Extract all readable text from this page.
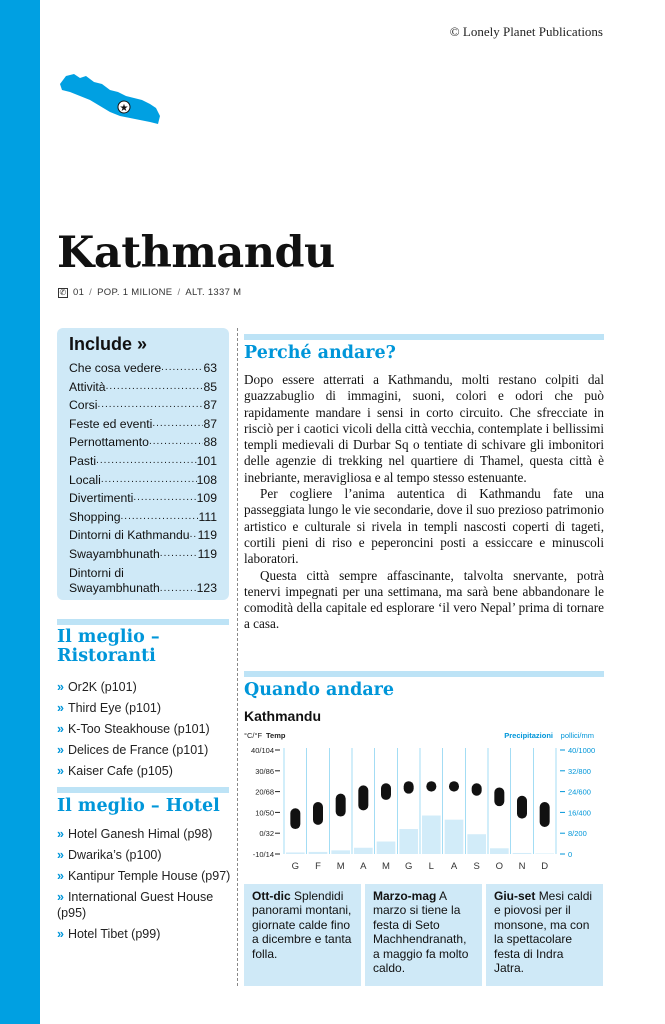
© Lonely Planet Publications
★
Kathmandu
✆ 01 / POP. 1 MILIONE / ALT. 1337 M
Include »
Che cosa vedere .....	63
Attività .....	85
Corsi .....	87
Feste ed eventi .....	87
Pernottamento .....	88
Pasti .....	101
Locali .....	108
Divertimenti .....	109
Shopping .....	111
Dintorni di Kathmandu ..... 119
Swayambhunath .....	119
Dintorni di
Swayambhunath .....	123
Il meglio –
Ristoranti
» Or2K (p101)
» Third Eye (p101)
» K-Too Steakhouse (p101)
» Delices de France (p101)
» Kaiser Cafe (p105)
Il meglio – Hotel
» Hotel Ganesh Himal (p98)
» Dwarika’s (p100)
» Kantipur Temple House (p97)
» International Guest House (p95)
» Hotel Tibet (p99)
Perché andare?

Dopo essere atterrati a Kathmandu, molti restano colpiti dal guazzabuglio di immagini, suoni, colori e odori che può rapidamente mandare i sensi in corto circuito. Che sfrecciate in risciò per i caotici vicoli della città vecchia, contemplate i bellissimi templi medievali di Durbar Sq o tentiate di schivare gli imbonitori delle agenzie di trekking nel quartiere di Thamel, questa città è inebriante, meravigliosa e al tempo stesso estenuante.

Per cogliere l’anima autentica di Kathmandu fate una passeggiata lungo le vie secondarie, dove il suo prezioso patrimonio artistico e culturale si rivela in templi nascosti coperti di tageti, cortili pieni di riso e peperoncini posti a essiccare e minuscoli laboratori.

Questa città sempre affascinante, talvolta snervante, potrà tenervi impegnati per una settimana, ma sarà bene abbandonare le comodità della capitale ed esplorare ‘il vero Nepal’ prima di tornare a casa.

Quando andare
Kathmandu
°C/°F Temp	Precipitazioni pollici/mm
40/104
30/86
20/68
10/50
0/32
-10/14
40/1000
32/800
24/600
16/400
8/200
0
G F M A M G L A S O N D
Ott-dic Splendidi panorami montani, giornate calde fino a dicembre e tanta folla.
Marzo-mag A marzo si tiene la festa di Seto Machhendranath, a maggio fa molto caldo.
Giu-set Mesi caldi e piovosi per il monsone, ma con la spettacolare festa di Indra Jatra.
